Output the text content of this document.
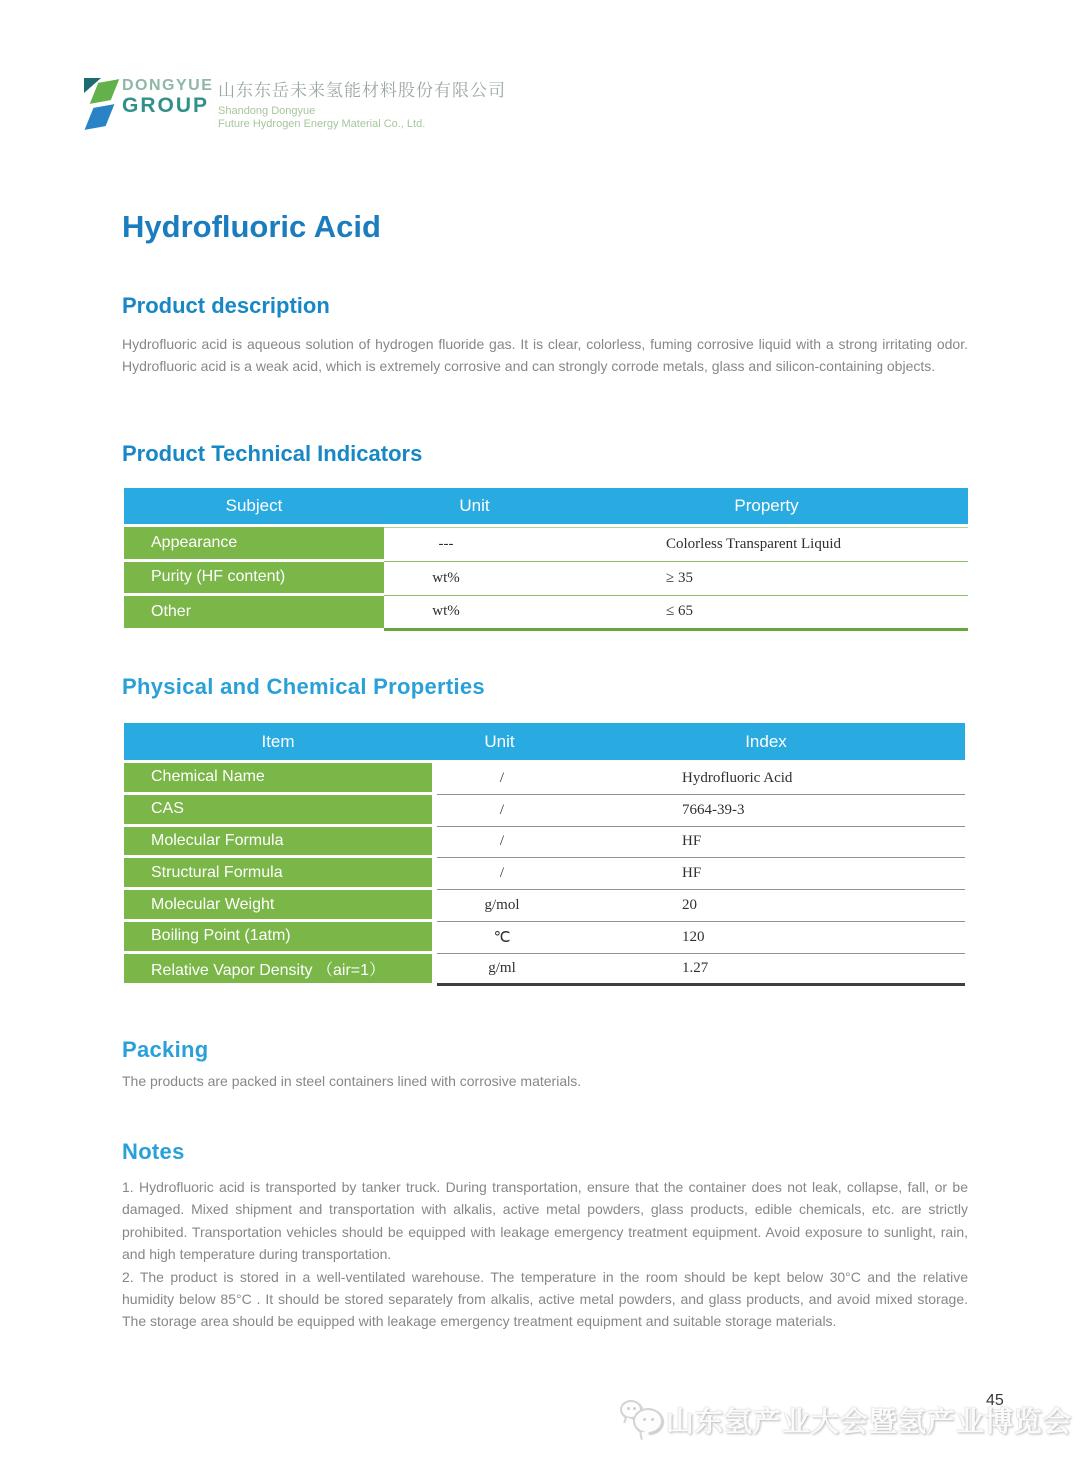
DONGYUE
GROUP
山东东岳未来氢能材料股份有限公司
Shandong Dongyue
Future Hydrogen Energy Material Co., Ltd.
Hydrofluoric Acid
Product description
Hydrofluoric acid is aqueous solution of hydrogen fluoride gas. It is clear, colorless, fuming corrosive liquid with a strong irritating odor. Hydrofluoric acid is a weak acid, which is extremely corrosive and can strongly corrode metals, glass and silicon-containing objects.
Product Technical Indicators
Subject	Unit	Property
Appearance	---	Colorless Transparent Liquid
Purity (HF content)	wt%	≥ 35
Other	wt%	≤ 65
Physical and Chemical Properties
Item	Unit	Index
Chemical Name	/	Hydrofluoric Acid
CAS	/	7664-39-3
Molecular Formula	/	HF
Structural Formula	/	HF
Molecular Weight	g/mol	20
Boiling Point (1atm)	℃	120
Relative Vapor Density （air=1）	g/ml	1.27
Packing
The products are packed in steel containers lined with corrosive materials.
Notes

1. Hydrofluoric acid is transported by tanker truck. During transportation, ensure that the container does not leak, collapse, fall, or be damaged. Mixed shipment and transportation with alkalis, active metal powders, glass products, edible chemicals, etc. are strictly prohibited. Transportation vehicles should be equipped with leakage emergency treatment equipment. Avoid exposure to sunlight, rain, and high temperature during transportation.

2. The product is stored in a well-ventilated warehouse. The temperature in the room should be kept below 30°C and the relative humidity below 85°C . It should be stored separately from alkalis, active metal powders, and glass products, and avoid mixed storage. The storage area should be equipped with leakage emergency treatment equipment and suitable storage materials.

山东氢产业大会暨氢产业博览会
45
